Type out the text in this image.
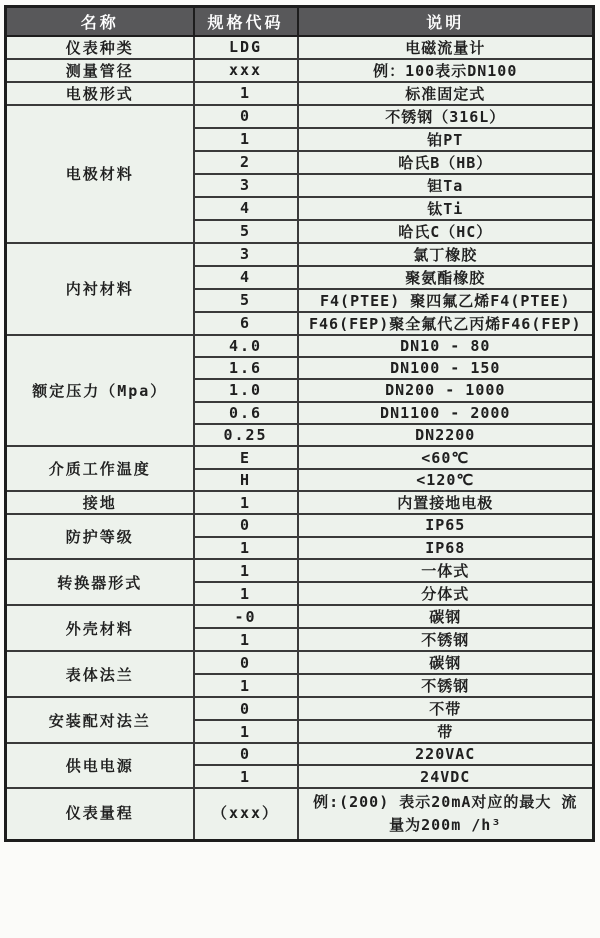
名称	规格代码	说明
仪表种类	LDG	电磁流量计
测量管径	xxx	例：100表示DN100
电极形式	1	标准固定式
电极材料	0	不锈钢（316L）
	1	铂PT
	2	哈氏B（HB）
	3	钽Ta
	4	钛Ti
	5	哈氏C（HC）
内衬材料	3	氯丁橡胶
	4	聚氨酯橡胶
	5	F4(PTEE) 聚四氟乙烯F4(PTEE)
	6	F46(FEP)聚全氟代乙丙烯F46(FEP)
额定压力（Mpa）	4.0	DN10 - 80
	1.6	DN100 - 150
	1.0	DN200 - 1000
	0.6	DN1100 - 2000
	0.25	DN2200
介质工作温度	E	<60℃
	H	<120℃
接地	1	内置接地电极
防护等级	0	IP65
	1	IP68
转换器形式	1	一体式
	1	分体式
外壳材料	-0	碳钢
	1	不锈钢
表体法兰	0	碳钢
	1	不锈钢
安装配对法兰	0	不带
	1	带
供电电源	0	220VAC
	1	24VDC
仪表量程	（xxx）	例:(200) 表示20mA对应的最大 流量为200m /h³
